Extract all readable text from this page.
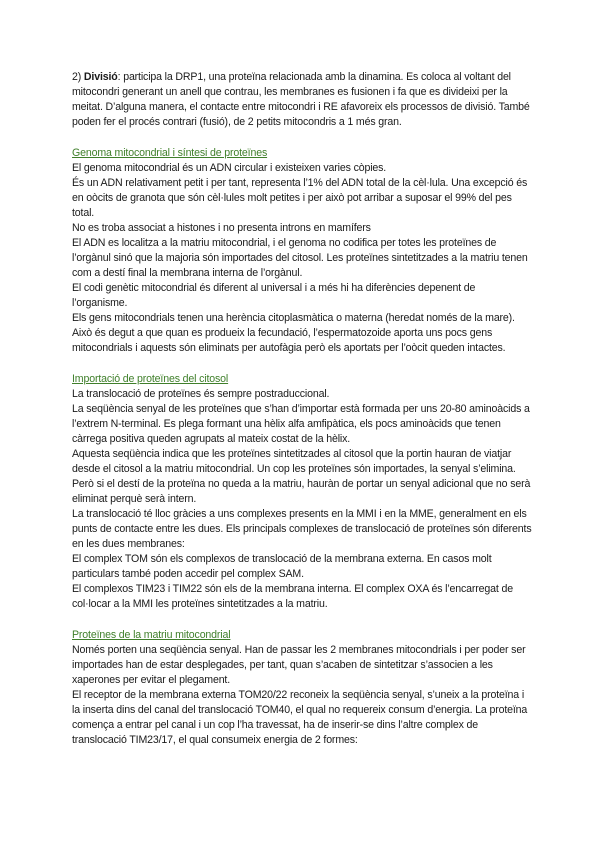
2) Divisió: participa la DRP1, una proteïna relacionada amb la dinamina. Es coloca al voltant del mitocondri generant un anell que contrau, les membranes es fusionen i fa que es divideixi per la meitat. D’alguna manera, el contacte entre mitocondri i RE afavoreix els processos de divisió. També poden fer el procés contrari (fusió), de 2 petits mitocondris a 1 més gran.

Genoma mitocondrial i síntesi de proteïnes

El genoma mitocondrial és un ADN circular i existeixen varies còpies.

És un ADN relativament petit i per tant, representa l’1% del ADN total de la cèl·lula. Una excepció és en oòcits de granota que són cèl·lules molt petites i per això pot arribar a suposar el 99% del pes total.

No es troba associat a histones i no presenta introns en mamífers

El ADN es localitza a la matriu mitocondrial, i el genoma no codifica per totes les proteïnes de l’orgànul sinó que la majoria són importades del citosol. Les proteïnes sintetitzades a la matriu tenen com a destí final la membrana interna de l’orgànul.

El codi genètic mitocondrial és diferent al universal i a més hi ha diferències depenent de l’organisme.

Els gens mitocondrials tenen una herència citoplasmàtica o materna (heredat només de la mare). Això és degut a que quan es produeix la fecundació, l’espermatozoide aporta uns pocs gens mitocondrials i aquests són eliminats per autofàgia però els aportats per l’oòcit queden intactes.

Importació de proteïnes del citosol

La translocació de proteïnes és sempre postraduccional.

La seqüència senyal de les proteïnes que s’han d’importar està formada per uns 20-80 aminoàcids a l’extrem N-terminal. Es plega formant una hèlix alfa amfipàtica, els pocs aminoàcids que tenen càrrega positiva queden agrupats al mateix costat de la hèlix.

Aquesta seqüència indica que les proteïnes sintetitzades al citosol que la portin hauran de viatjar desde el citosol a la matriu mitocondrial. Un cop les proteïnes són importades, la senyal s’elimina. Però si el destí de la proteïna no queda a la matriu, hauràn de portar un senyal adicional que no serà eliminat perquè serà intern.

La translocació té lloc gràcies a uns complexes presents en la MMI i en la MME, generalment en els punts de contacte entre les dues. Els principals complexes de translocació de proteïnes són diferents en les dues membranes:

El complex TOM són els complexos de translocació de la membrana externa. En casos molt particulars també poden accedir pel complex SAM.

El complexos TIM23 i TIM22 són els de la membrana interna. El complex OXA és l’encarregat de col·locar a la MMI les proteïnes sintetitzades a la matriu.

Proteïnes de la matriu mitocondrial

Només porten una seqüència senyal. Han de passar les 2 membranes mitocondrials i per poder ser importades han de estar desplegades, per tant, quan s’acaben de sintetitzar s’associen a les xaperones per evitar el plegament.

El receptor de la membrana externa TOM20/22 reconeix la seqüència senyal, s’uneix a la proteïna i la inserta dins del canal del translocació TOM40, el qual no requereix consum d’energia. La proteïna comença a entrar pel canal i un cop l’ha travessat, ha de inserir-se dins l’altre complex de translocació TIM23/17, el qual consumeix energia de 2 formes:
